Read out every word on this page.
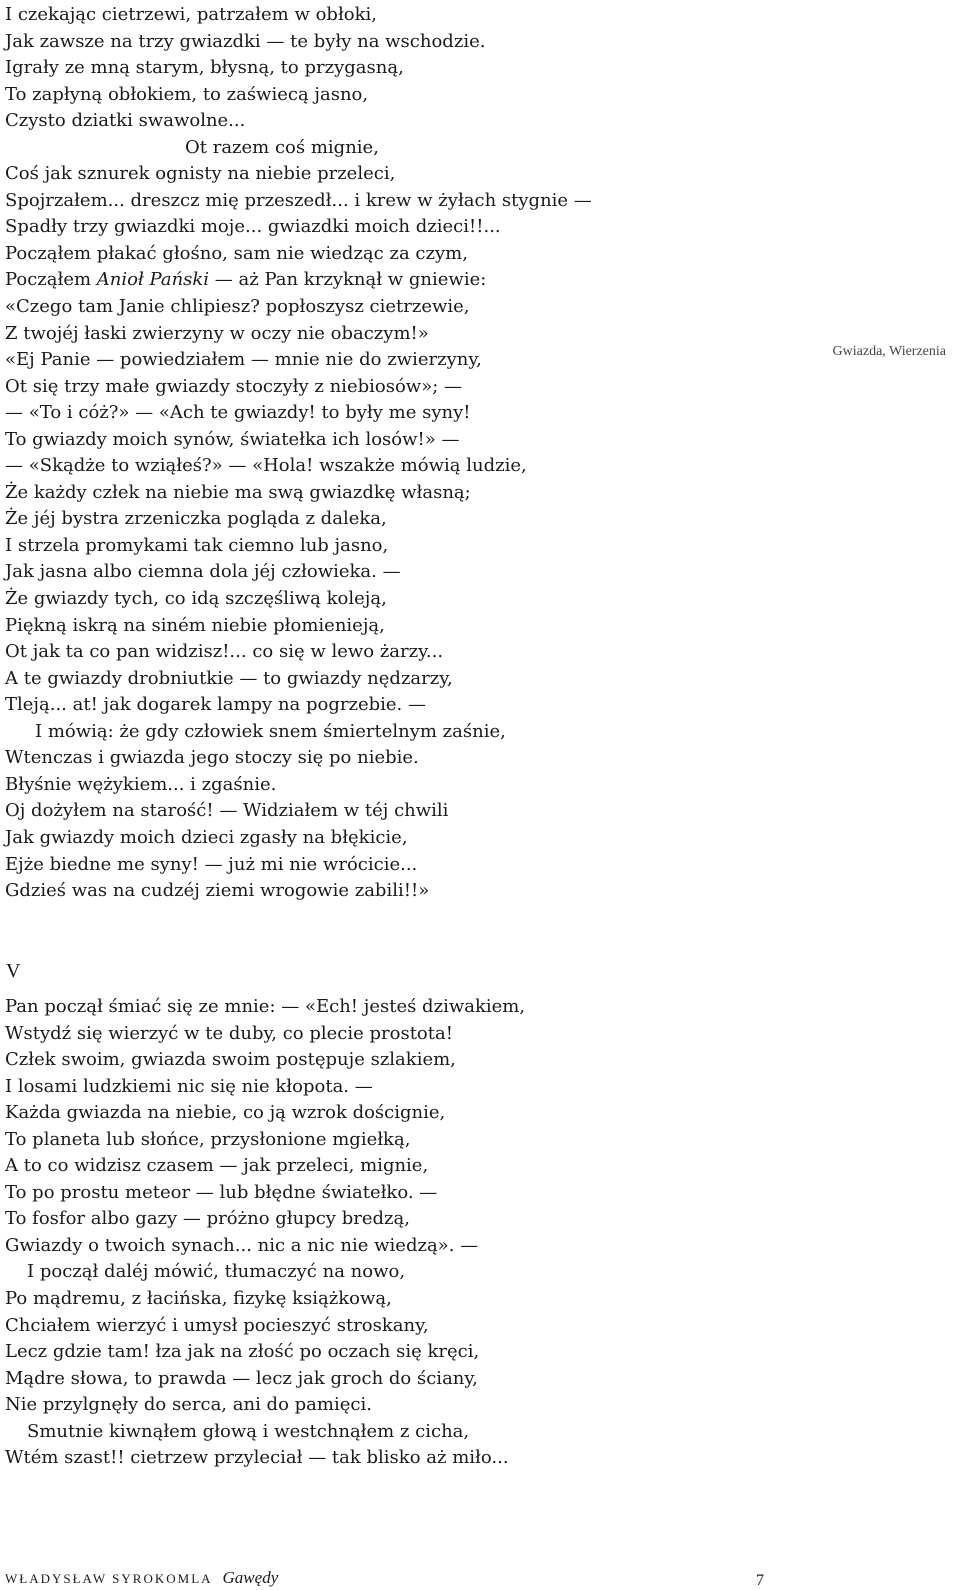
I czekając cietrzewi, patrzałem w obłoki,
Jak zawsze na trzy gwiazdki — te były na wschodzie.
Igrały ze mną starym, błysną, to przygasną,
To zapłyną obłokiem, to zaświecą jasno,
Czysto dziatki swawolne...
Ot razem coś mignie,
Coś jak sznurek ognisty na niebie przeleci,
Spojrzałem... dreszcz mię przeszedł... i krew w żyłach stygnie —
Spadły trzy gwiazdki moje... gwiazdki moich dzieci!!...
Począłem płakać głośno, sam nie wiedząc za czym,
Począłem Anioł Pański — aż Pan krzyknął w gniewie:
«Czego tam Janie chlipiesz? popłoszysz cietrzewie,
Z twojéj łaski zwierzyny w oczy nie obaczym!»
«Ej Panie — powiedziałem — mnie nie do zwierzyny,
Ot się trzy małe gwiazdy stoczyły z niebiosów»; —
— «To i cóż?» — «Ach te gwiazdy! to były me syny!
To gwiazdy moich synów, światełka ich losów!» —
— «Skądże to wziąłeś?» — «Hola! wszakże mówią ludzie,
Że każdy człek na niebie ma swą gwiazdkę własną;
Że jéj bystra zrzeniczka pogląda z daleka,
I strzela promykami tak ciemno lub jasno,
Jak jasna albo ciemna dola jéj człowieka. —
Że gwiazdy tych, co idą szczęśliwą koleją,
Piękną iskrą na siném niebie płomienieją,
Ot jak ta co pan widzisz!... co się w lewo żarzy...
A te gwiazdy drobniutkie — to gwiazdy nędzarzy,
Tleją... at! jak dogarek lampy na pogrzebie. —
I mówią: że gdy człowiek snem śmiertelnym zaśnie,
Wtenczas i gwiazda jego stoczy się po niebie.
Błyśnie wężykiem... i zgaśnie.
Oj dożyłem na starość! — Widziałem w téj chwili
Jak gwiazdy moich dzieci zgasły na błękicie,
Ejże biedne me syny! — już mi nie wrócicie...
Gdzieś was na cudzéj ziemi wrogowie zabili!!»
Gwiazda, Wierzenia
V
Pan począł śmiać się ze mnie: — «Ech! jesteś dziwakiem,
Wstydź się wierzyć w te duby, co plecie prostota!
Człek swoim, gwiazda swoim postępuje szlakiem,
I losami ludzkiemi nic się nie kłopota. —
Każda gwiazda na niebie, co ją wzrok doścignie,
To planeta lub słońce, przysłonione mgiełką,
A to co widzisz czasem — jak przeleci, mignie,
To po prostu meteor — lub błędne światełko. —
To fosfor albo gazy — próżno głupcy bredzą,
Gwiazdy o twoich synach... nic a nic nie wiedzą». —
I począł daléj mówić, tłumaczyć na nowo,
Po mądremu, z łacińska, fizykę książkową,
Chciałem wierzyć i umysł pocieszyć stroskany,
Lecz gdzie tam! łza jak na złość po oczach się kręci,
Mądre słowa, to prawda — lecz jak groch do ściany,
Nie przylgnęły do serca, ani do pamięci.
Smutnie kiwnąłem głową i westchnąłem z cicha,
Wtém szast!! cietrzew przyleciał — tak blisko aż miło...
WŁADYSŁAW SYROKOMLA Gawędy	7
